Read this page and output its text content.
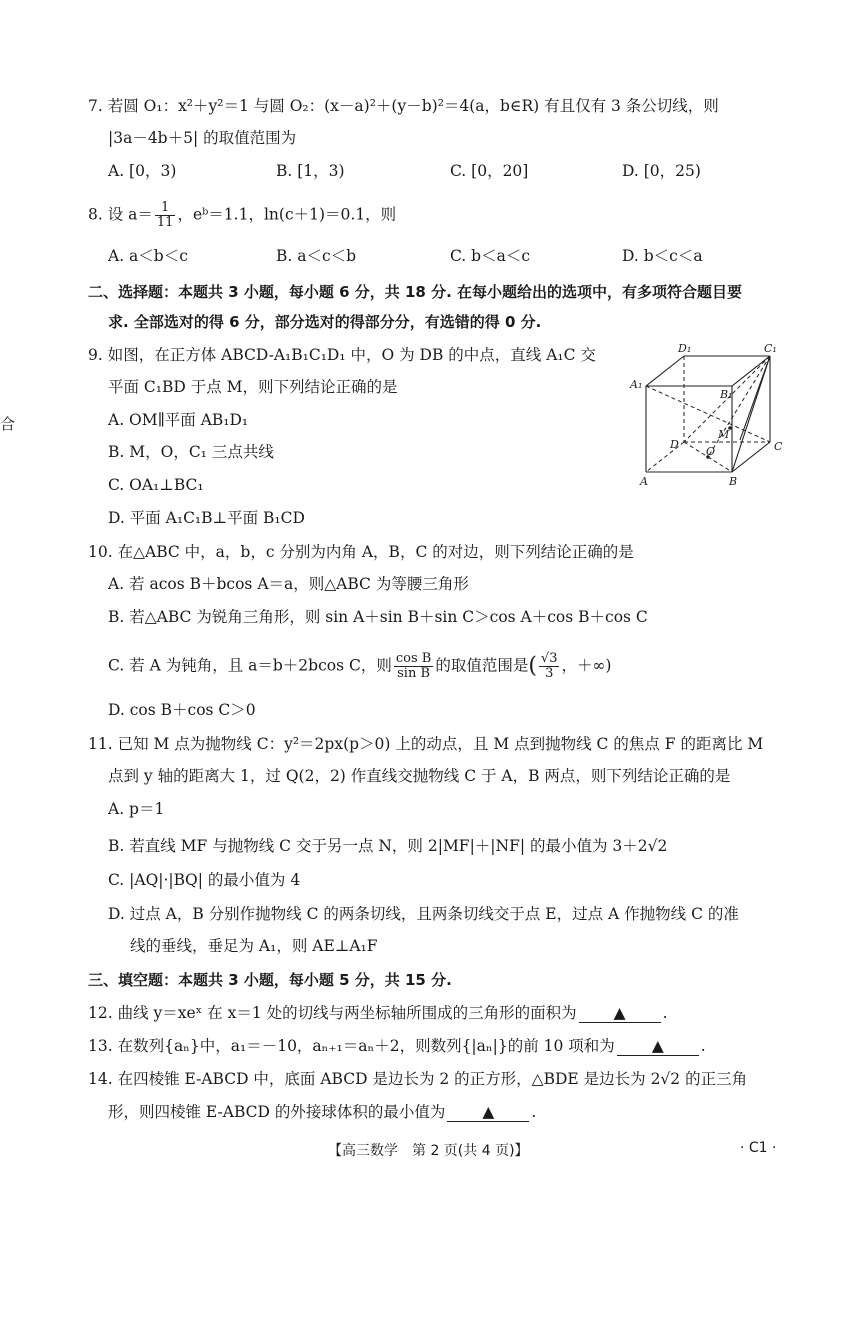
合
7. 若圆 O₁：x²＋y²＝1 与圆 O₂：(x－a)²＋(y－b)²＝4(a，b∈R) 有且仅有 3 条公切线，则
|3a－4b＋5| 的取值范围为
A. [0，3)	B. [1，3)	C. [0，20]	D. [0，25)
8. 设 $a= \frac{1}{11}$ ，eᵇ＝1.1，ln(c＋1)＝0.1，则
A. a＜b＜c	B. a＜c＜b	C. b＜a＜c	D. b＜c＜a
二、选择题：本题共 3 小题，每小题 6 分，共 18 分. 在每小题给出的选项中，有多项符合题目要
求. 全部选对的得 6 分，部分选对的得部分分，有选错的得 0 分.
9. 如图，在正方体 ABCD-A₁B₁C₁D₁ 中，O 为 DB 的中点，直线 A₁C 交
平面 C₁BD 于点 M，则下列结论正确的是
A. OM∥平面 AB₁D₁
B. M，O，C₁ 三点共线
C. OA₁⊥BC₁
D. 平面 A₁C₁B⊥平面 B₁CD
D₁	C₁
A₁
B₁
M
D	C
O
A	B
10. 在△ABC 中，a，b，c 分别为内角 A，B，C 的对边，则下列结论正确的是
A. 若 acos B＋bcos A＝a，则△ABC 为等腰三角形
B. 若△ABC 为锐角三角形，则 sin A＋sin B＋sin C＞cos A＋cos B＋cos C
C. 若 A 为钝角，且 a＝b＋2bcos C，则 $\frac{\text{cos B}}{\text{sin B}}$ 的取值范围是( $\frac{√3}{3}$ ，＋∞)
D. cos B＋cos C＞0
11. 已知 M 点为抛物线 C：y²＝2px(p＞0) 上的动点，且 M 点到抛物线 C 的焦点 F 的距离比 M
点到 y 轴的距离大 1，过 Q(2，2) 作直线交抛物线 C 于 A，B 两点，则下列结论正确的是
A. p＝1
B. 若直线 MF 与抛物线 C 交于另一点 N，则 2|MF|＋|NF| 的最小值为 3＋2√2
C. |AQ|·|BQ| 的最小值为 4
D. 过点 A，B 分别作抛物线 C 的两条切线，且两条切线交于点 E，过点 A 作抛物线 C 的准
线的垂线，垂足为 A₁，则 AE⊥A₁F
三、填空题：本题共 3 小题，每小题 5 分，共 15 分.
12. 曲线 y＝xeˣ 在 x＝1 处的切线与两坐标轴所围成的三角形的面积为 ▲ .
13. 在数列{aₙ}中，a₁＝－10，aₙ₊₁＝aₙ＋2，则数列{|aₙ|}的前 10 项和为 ▲ .
14. 在四棱锥 E-ABCD 中，底面 ABCD 是边长为 2 的正方形，△BDE 是边长为 2√2 的正三角
形，则四棱锥 E-ABCD 的外接球体积的最小值为 ▲ .
【高三数学　第 2 页(共 4 页)】	· C1 ·
